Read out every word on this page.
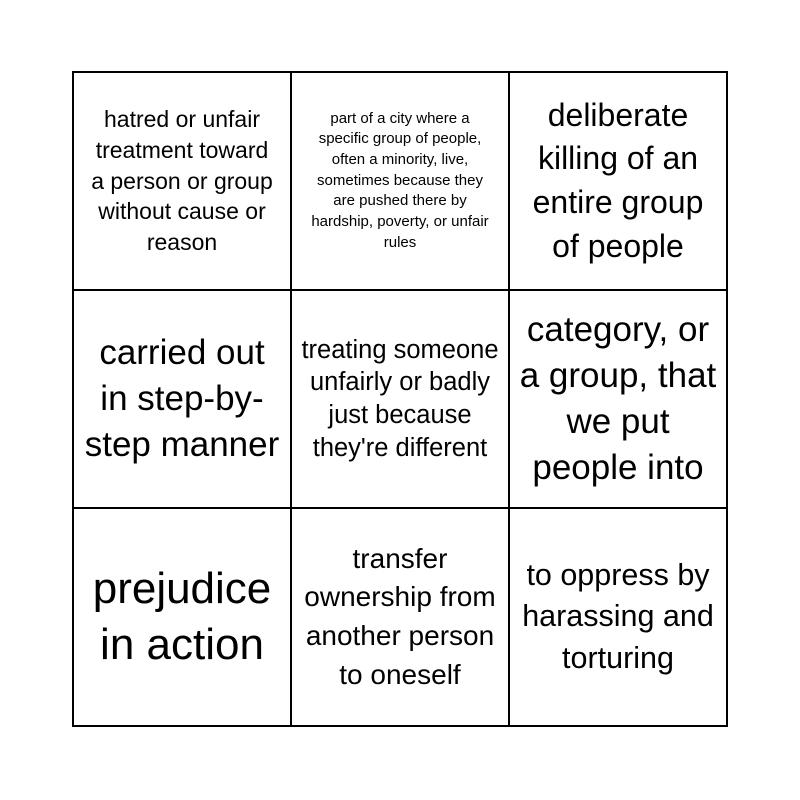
hatred or unfair treatment toward a person or group without cause or reason
part of a city where a specific group of people, often a minority, live, sometimes because they are pushed there by hardship, poverty, or unfair rules
deliberate killing of an entire group of people
carried out in step-by-step manner
treating someone unfairly or badly just because they're different
category, or a group, that we put people into
prejudice in action
transfer ownership from another person to oneself
to oppress by harassing and torturing
